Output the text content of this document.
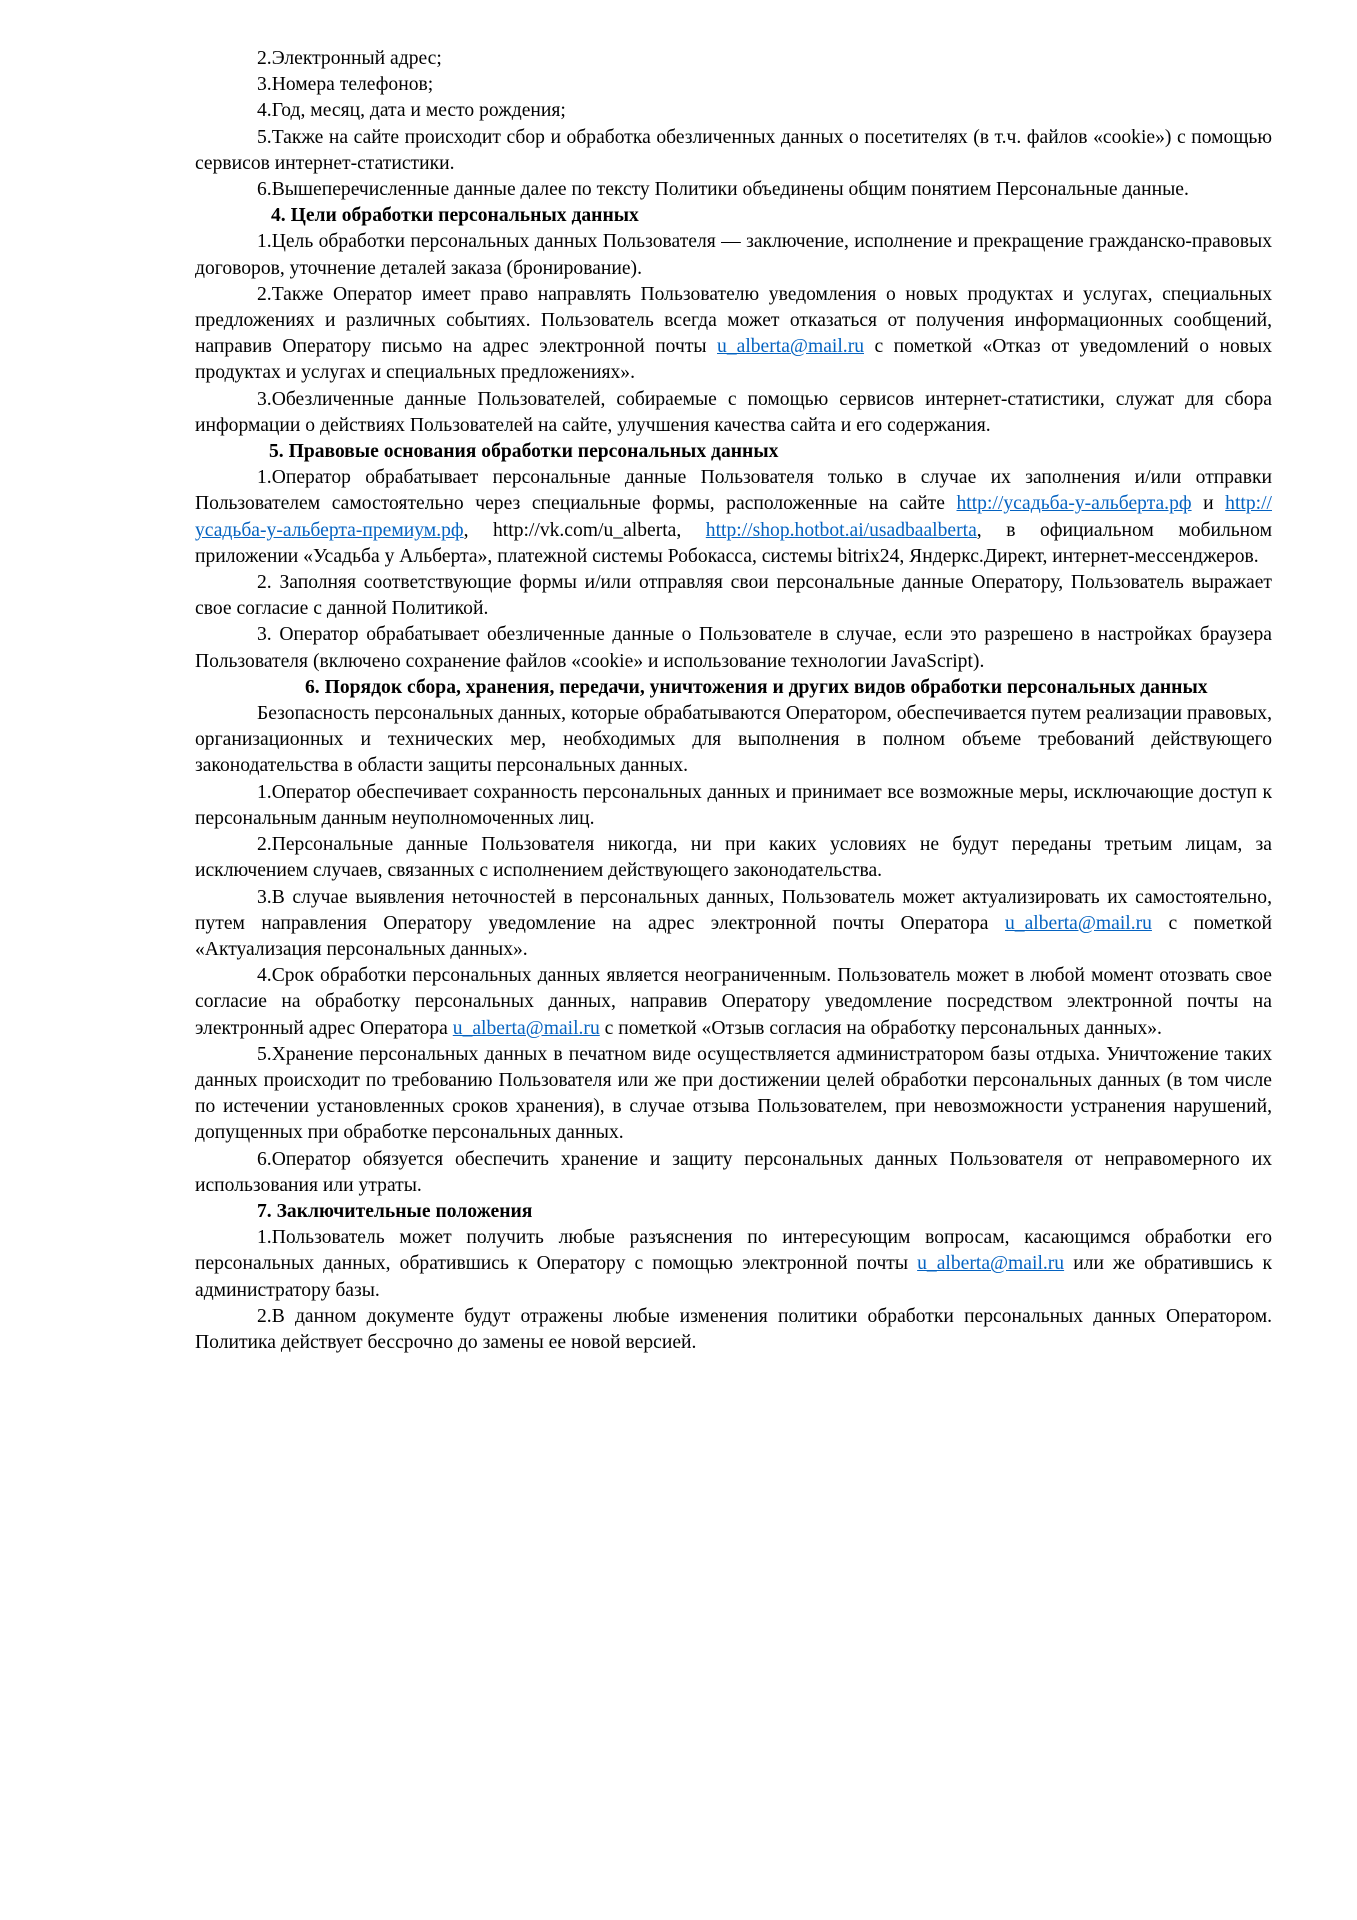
2.Электронный адрес;

3.Номера телефонов;

4.Год, месяц, дата и место рождения;

5.Также на сайте происходит сбор и обработка обезличенных данных о посетителях (в т.ч. файлов «cookie») с помощью сервисов интернет-статистики.

6.Вышеперечисленные данные далее по тексту Политики объединены общим понятием Персональные данные.

4. Цели обработки персональных данных

1.Цель обработки персональных данных Пользователя — заключение, исполнение и прекращение гражданско-правовых договоров, уточнение деталей заказа (бронирование).

2.Также Оператор имеет право направлять Пользователю уведомления о новых продуктах и услугах, специальных предложениях и различных событиях. Пользователь всегда может отказаться от получения информационных сообщений, направив Оператору письмо на адрес электронной почты u_alberta@mail.ru с пометкой «Отказ от уведомлений о новых продуктах и услугах и специальных предложениях».

3.Обезличенные данные Пользователей, собираемые с помощью сервисов интернет-статистики, служат для сбора информации о действиях Пользователей на сайте, улучшения качества сайта и его содержания.

5. Правовые основания обработки персональных данных

1.Оператор обрабатывает персональные данные Пользователя только в случае их заполнения и/или отправки Пользователем самостоятельно через специальные формы, расположенные на сайте http://усадьба-у-альберта.рф и http://усадьба-у-альберта-премиум.рф, http://vk.com/u_alberta, http://shop.hotbot.ai/usadbaalberta, в официальном мобильном приложении «Усадьба у Альберта», платежной системы Робокасса, системы bitrix24, Яндеркс.Директ, интернет-мессенджеров.

2. Заполняя соответствующие формы и/или отправляя свои персональные данные Оператору, Пользователь выражает свое согласие с данной Политикой.

3. Оператор обрабатывает обезличенные данные о Пользователе в случае, если это разрешено в настройках браузера Пользователя (включено сохранение файлов «cookie» и использование технологии JavaScript).

6. Порядок сбора, хранения, передачи, уничтожения и других видов обработки персональных данных

Безопасность персональных данных, которые обрабатываются Оператором, обеспечивается путем реализации правовых, организационных и технических мер, необходимых для выполнения в полном объеме требований действующего законодательства в области защиты персональных данных.

1.Оператор обеспечивает сохранность персональных данных и принимает все возможные меры, исключающие доступ к персональным данным неуполномоченных лиц.

2.Персональные данные Пользователя никогда, ни при каких условиях не будут переданы третьим лицам, за исключением случаев, связанных с исполнением действующего законодательства.

3.В случае выявления неточностей в персональных данных, Пользователь может актуализировать их самостоятельно, путем направления Оператору уведомление на адрес электронной почты Оператора u_alberta@mail.ru с пометкой «Актуализация персональных данных».

4.Срок обработки персональных данных является неограниченным. Пользователь может в любой момент отозвать свое согласие на обработку персональных данных, направив Оператору уведомление посредством электронной почты на электронный адрес Оператора u_alberta@mail.ru с пометкой «Отзыв согласия на обработку персональных данных».

5.Хранение персональных данных в печатном виде осуществляется администратором базы отдыха. Уничтожение таких данных происходит по требованию Пользователя или же при достижении целей обработки персональных данных (в том числе по истечении установленных сроков хранения), в случае отзыва Пользователем, при невозможности устранения нарушений, допущенных при обработке персональных данных.

6.Оператор обязуется обеспечить хранение и защиту персональных данных Пользователя от неправомерного их использования или утраты.

7. Заключительные положения

1.Пользователь может получить любые разъяснения по интересующим вопросам, касающимся обработки его персональных данных, обратившись к Оператору с помощью электронной почты u_alberta@mail.ru или же обратившись к администратору базы.

2.В данном документе будут отражены любые изменения политики обработки персональных данных Оператором. Политика действует бессрочно до замены ее новой версией.
